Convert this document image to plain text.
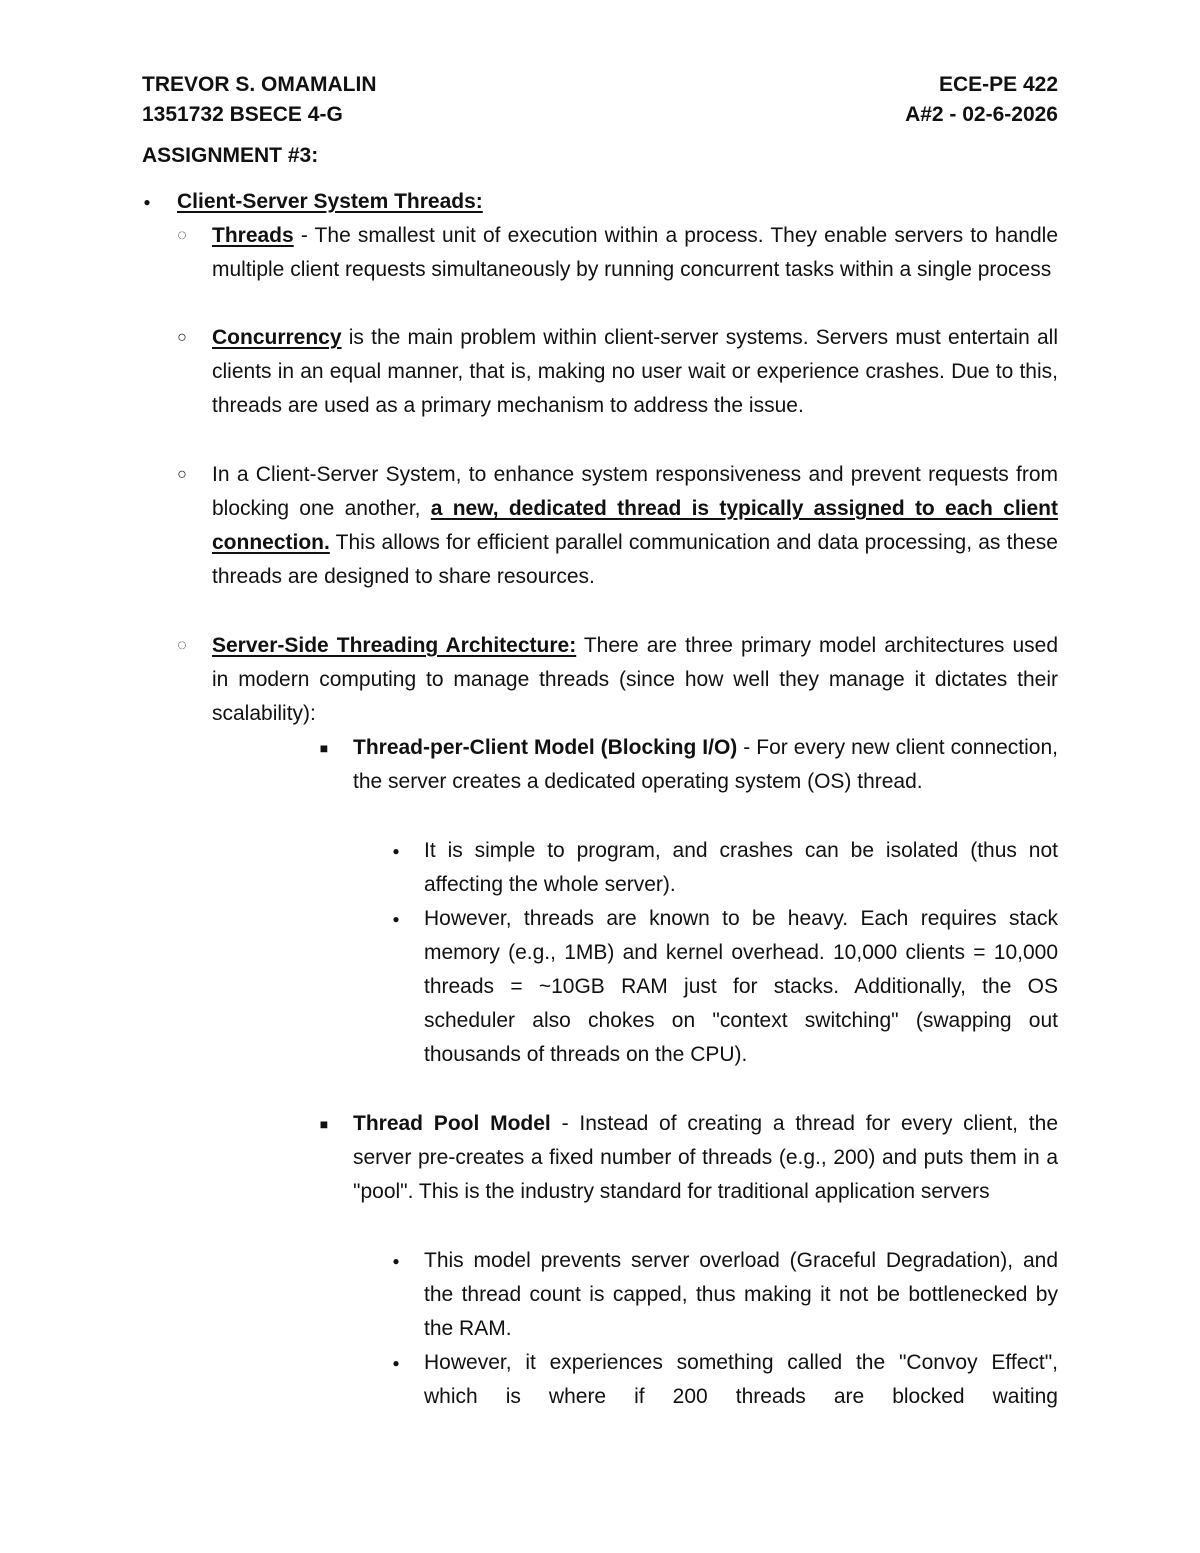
TREVOR S. OMAMALIN	ECE-PE 422
1351732 BSECE 4-G	A#2 - 02-6-2026
ASSIGNMENT #3:
●	Client-Server System Threads:
◌ Threads - The smallest unit of execution within a process. They enable servers to handle multiple client requests simultaneously by running concurrent tasks within a single process
○ Concurrency is the main problem within client-server systems. Servers must entertain all clients in an equal manner, that is, making no user wait or experience crashes. Due to this, threads are used as a primary mechanism to address the issue.
○ In a Client-Server System, to enhance system responsiveness and prevent requests from blocking one another, a new, dedicated thread is typically assigned to each client connection. This allows for efficient parallel communication and data processing, as these threads are designed to share resources.
◌ Server-Side Threading Architecture: There are three primary model architectures used in modern computing to manage threads (since how well they manage it dictates their scalability):
■ Thread-per-Client Model (Blocking I/O) - For every new client connection, the server creates a dedicated operating system (OS) thread.
●	It is simple to program, and crashes can be isolated (thus not affecting the whole server).
●	However, threads are known to be heavy. Each requires stack memory (e.g., 1MB) and kernel overhead. 10,000 clients = 10,000 threads = ~10GB RAM just for stacks. Additionally, the OS scheduler also chokes on "context switching" (swapping out thousands of threads on the CPU).
■ Thread Pool Model - Instead of creating a thread for every client, the server pre-creates a fixed number of threads (e.g., 200) and puts them in a "pool". This is the industry standard for traditional application servers
●	This model prevents server overload (Graceful Degradation), and the thread count is capped, thus making it not be bottlenecked by the RAM.
●	However, it experiences something called the "Convoy Effect", which is where if 200 threads are blocked waiting
